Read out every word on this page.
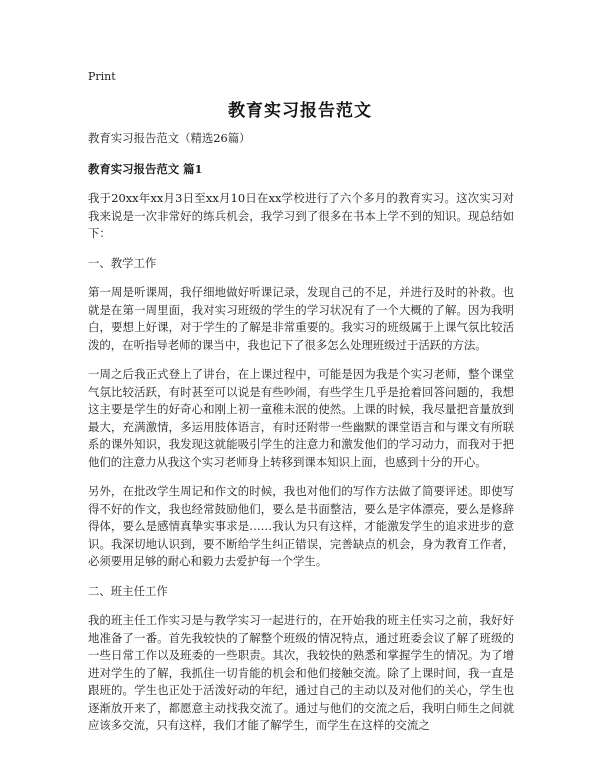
Print
教育实习报告范文

教育实习报告范文（精选26篇）

教育实习报告范文 篇1

我于20xx年xx月3日至xx月10日在xx学校进行了六个多月的教育实习。这次实习对我来说是一次非常好的练兵机会，我学习到了很多在书本上学不到的知识。现总结如下：

一、教学工作

第一周是听课周，我仔细地做好听课记录，发现自己的不足，并进行及时的补救。也就是在第一周里面，我对实习班级的学生的学习状况有了一个大概的了解。因为我明白，要想上好课，对于学生的了解是非常重要的。我实习的班级属于上课气氛比较活泼的，在听指导老师的课当中，我也记下了很多怎么处理班级过于活跃的方法。

一周之后我正式登上了讲台，在上课过程中，可能是因为我是个实习老师，整个课堂气氛比较活跃，有时甚至可以说是有些吵闹，有些学生几乎是抢着回答问题的，我想这主要是学生的好奇心和刚上初一童稚未泯的使然。上课的时候，我尽量把音量放到最大，充满激情，多运用肢体语言，有时还附带一些幽默的课堂语言和与课文有所联系的课外知识，我发现这就能吸引学生的注意力和激发他们的学习动力，而我对于把他们的注意力从我这个实习老师身上转移到课本知识上面，也感到十分的开心。

另外，在批改学生周记和作文的时候，我也对他们的写作方法做了简要评述。即使写得不好的作文，我也经常鼓励他们，要么是书面整洁，要么是字体漂亮，要么是修辞得体，要么是感情真挚实事求是……我认为只有这样，才能激发学生的追求进步的意识。我深切地认识到，要不断给学生纠正错误，完善缺点的机会，身为教育工作者，必须要用足够的耐心和毅力去爱护每一个学生。

二、班主任工作

我的班主任工作实习是与教学实习一起进行的，在开始我的班主任实习之前，我好好地准备了一番。首先我较快的了解整个班级的情况特点，通过班委会议了解了班级的一些日常工作以及班委的一些职责。其次，我较快的熟悉和掌握学生的情况。为了增进对学生的了解，我抓住一切肯能的机会和他们接触交流。除了上课时间，我一直是跟班的。学生也正处于活泼好动的年纪，通过自己的主动以及对他们的关心，学生也逐渐放开来了，都愿意主动找我交流了。通过与他们的交流之后，我明白师生之间就应该多交流，只有这样，我们才能了解学生，而学生在这样的交流之
